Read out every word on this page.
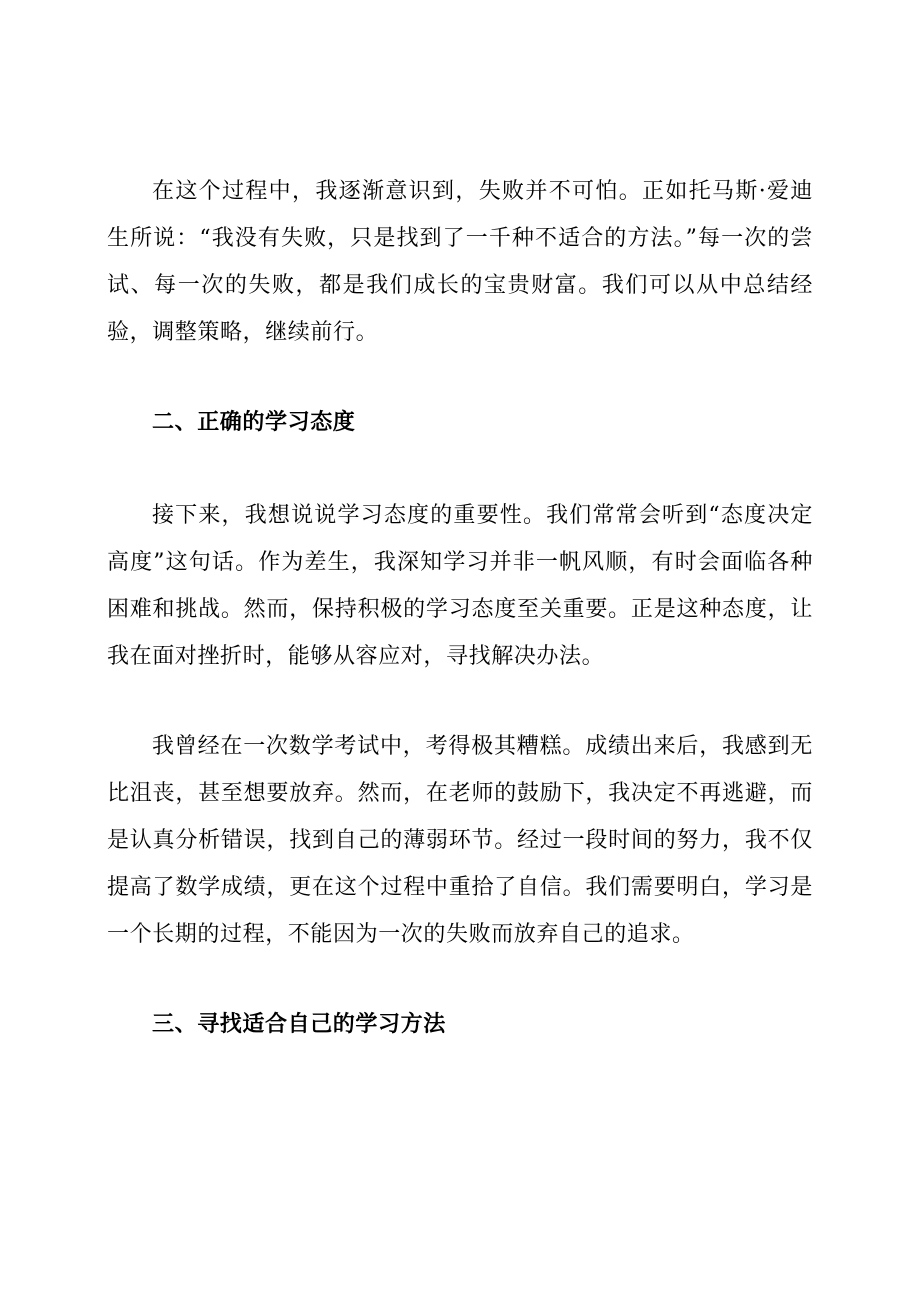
在这个过程中，我逐渐意识到，失败并不可怕。正如托马斯·爱迪生所说：“我没有失败，只是找到了一千种不适合的方法。”每一次的尝试、每一次的失败，都是我们成长的宝贵财富。我们可以从中总结经验，调整策略，继续前行。

二、正确的学习态度

接下来，我想说说学习态度的重要性。我们常常会听到“态度决定高度”这句话。作为差生，我深知学习并非一帆风顺，有时会面临各种困难和挑战。然而，保持积极的学习态度至关重要。正是这种态度，让我在面对挫折时，能够从容应对，寻找解决办法。

我曾经在一次数学考试中，考得极其糟糕。成绩出来后，我感到无比沮丧，甚至想要放弃。然而，在老师的鼓励下，我决定不再逃避，而是认真分析错误，找到自己的薄弱环节。经过一段时间的努力，我不仅提高了数学成绩，更在这个过程中重拾了自信。我们需要明白，学习是一个长期的过程，不能因为一次的失败而放弃自己的追求。

三、寻找适合自己的学习方法
